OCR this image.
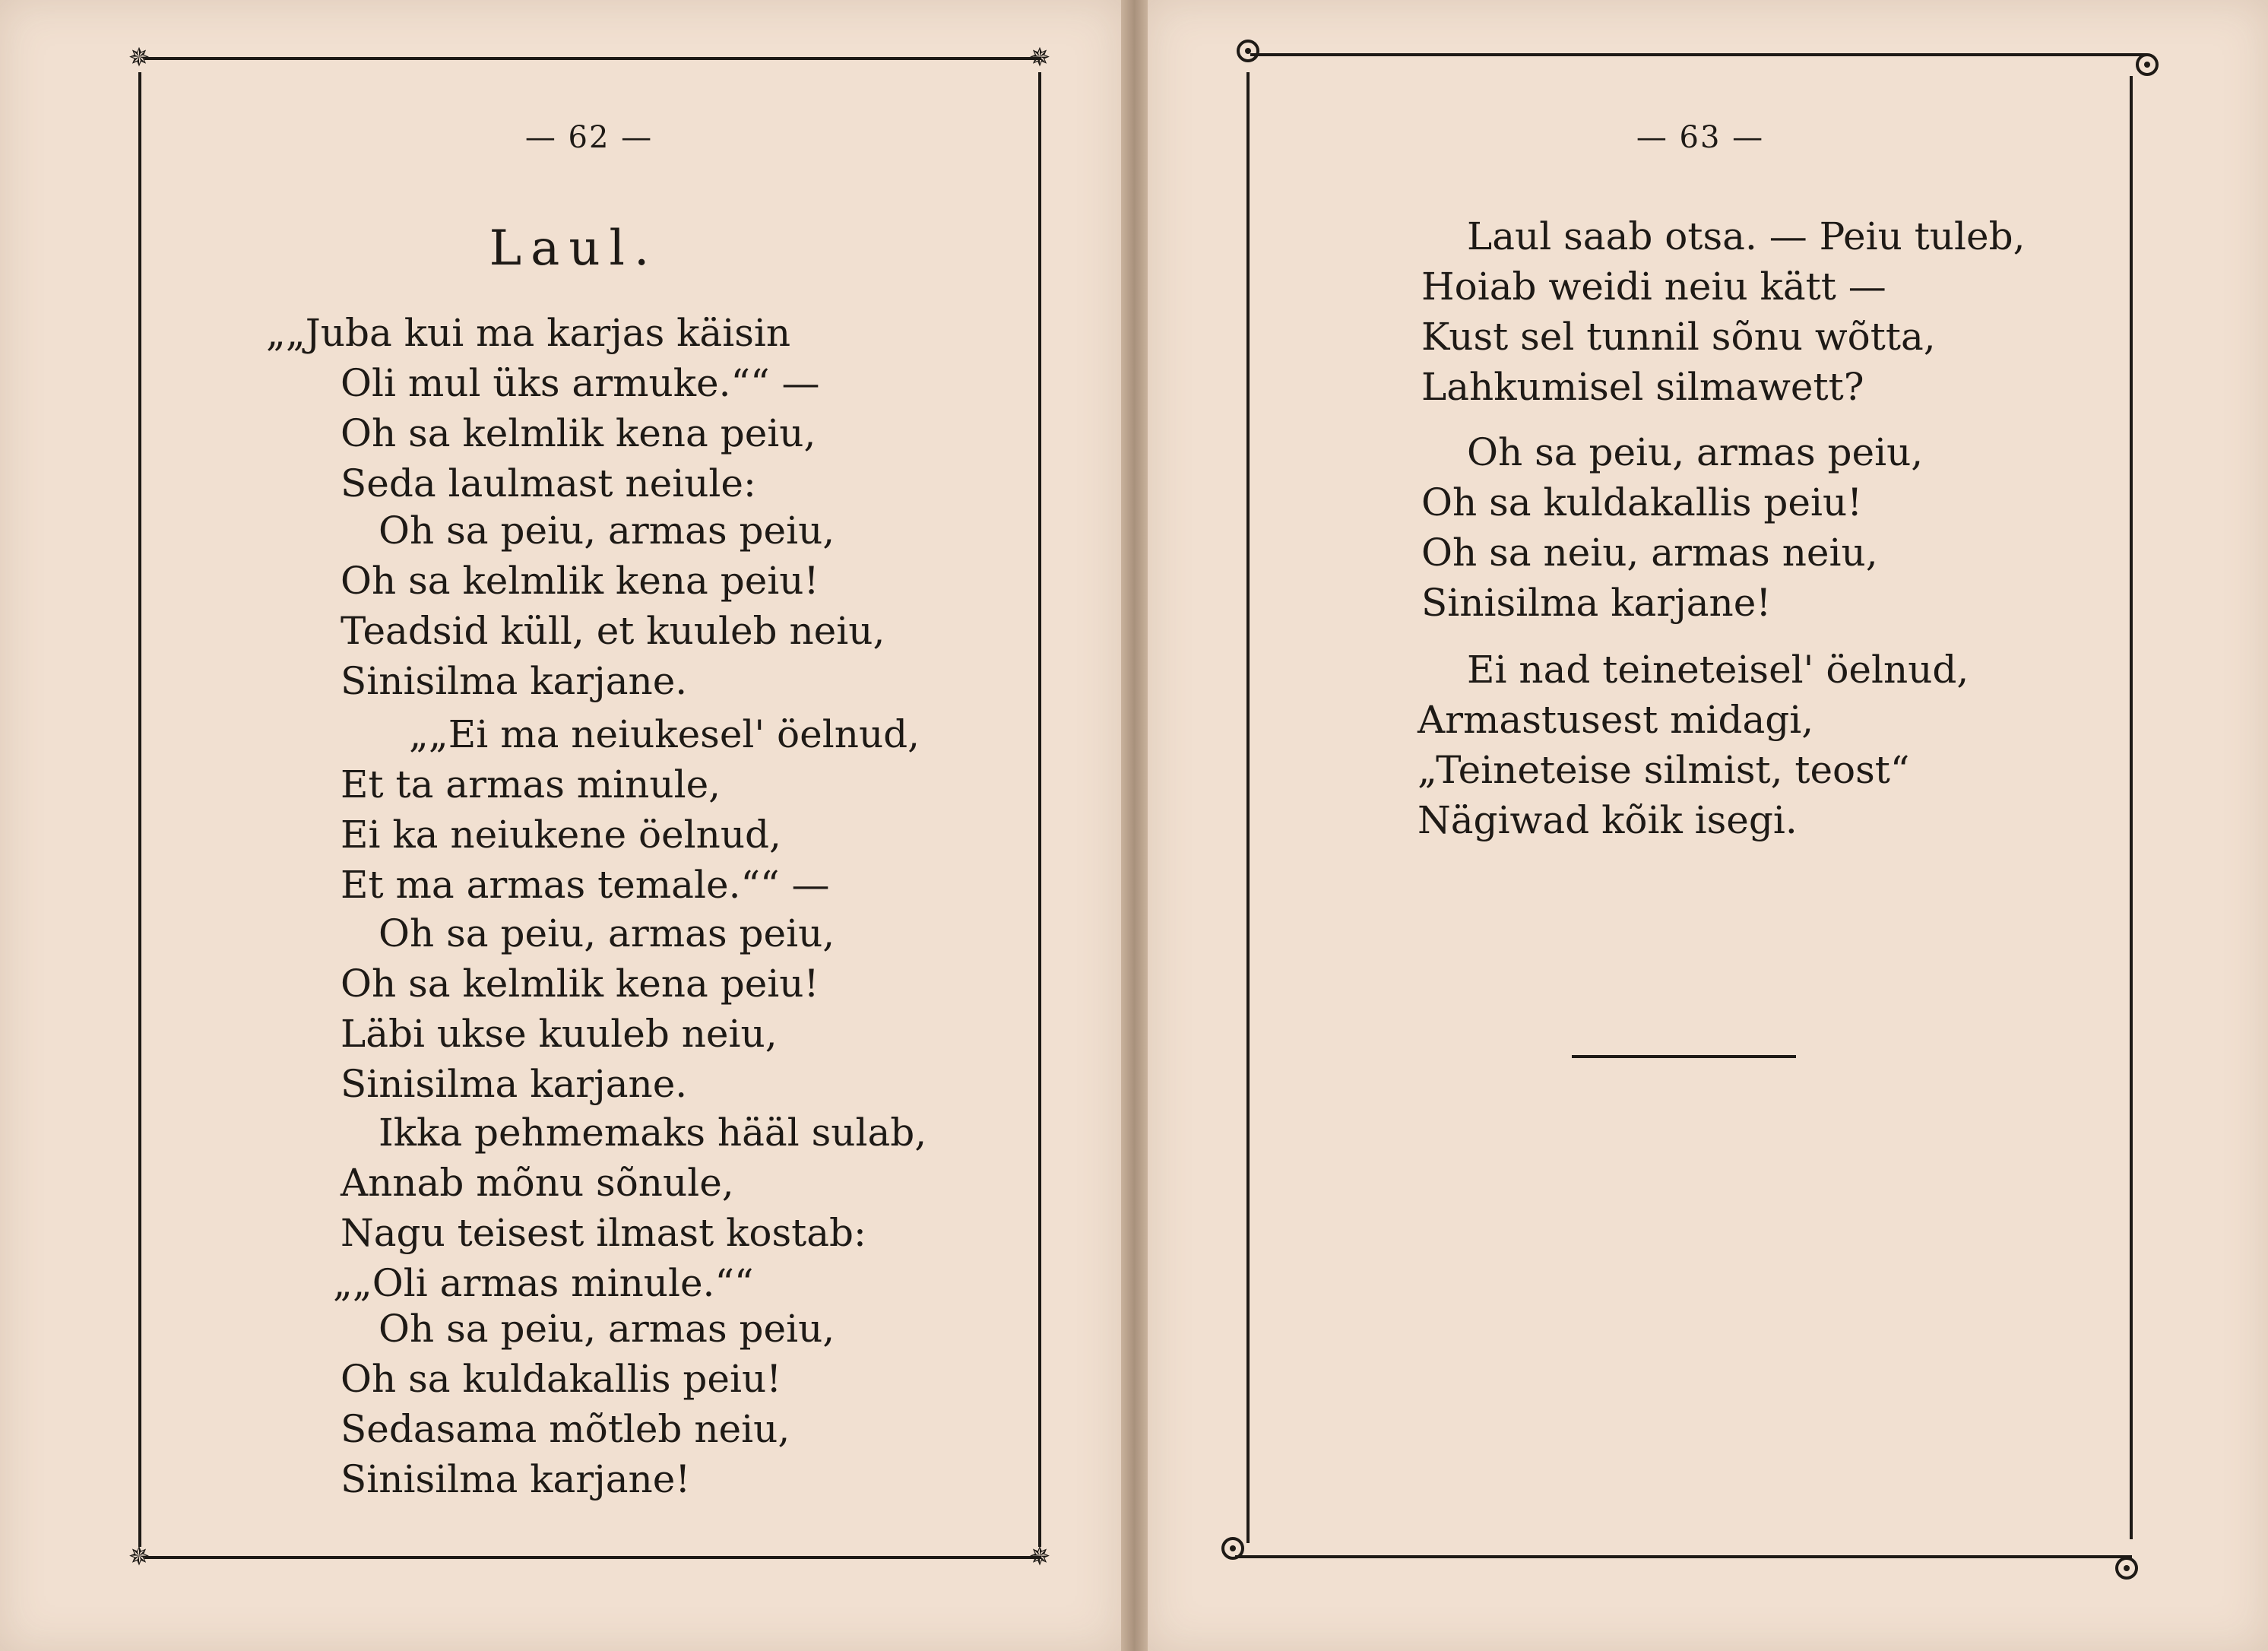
✵	✵
✵	✵
— 62 —
Laul.
„„Juba kui ma karjas käisin
Oli mul üks armuke.““ —
Oh sa kelmlik kena peiu,
Seda laulmast neiule:
Oh sa peiu, armas peiu,
Oh sa kelmlik kena peiu!
Teadsid küll, et kuuleb neiu,
Sinisilma karjane.
„„Ei ma neiukesel' öelnud,
Et ta armas minule,
Ei ka neiukene öelnud,
Et ma armas temale.““ —
Oh sa peiu, armas peiu,
Oh sa kelmlik kena peiu!
Läbi ukse kuuleb neiu,
Sinisilma karjane.
Ikka pehmemaks hääl sulab,
Annab mõnu sõnule,
Nagu teisest ilmast kostab:
„„Oli armas minule.““
Oh sa peiu, armas peiu,
Oh sa kuldakallis peiu!
Sedasama mõtleb neiu,
Sinisilma karjane!
— 63 —
Laul saab otsa. — Peiu tuleb,
Hoiab weidi neiu kätt —
Kust sel tunnil sõnu wõtta,
Lahkumisel silmawett?
Oh sa peiu, armas peiu,
Oh sa kuldakallis peiu!
Oh sa neiu, armas neiu,
Sinisilma karjane!
Ei nad teineteisel' öelnud,
Armastusest midagi,
„Teineteise silmist, teost“
Nägiwad kõik isegi.
